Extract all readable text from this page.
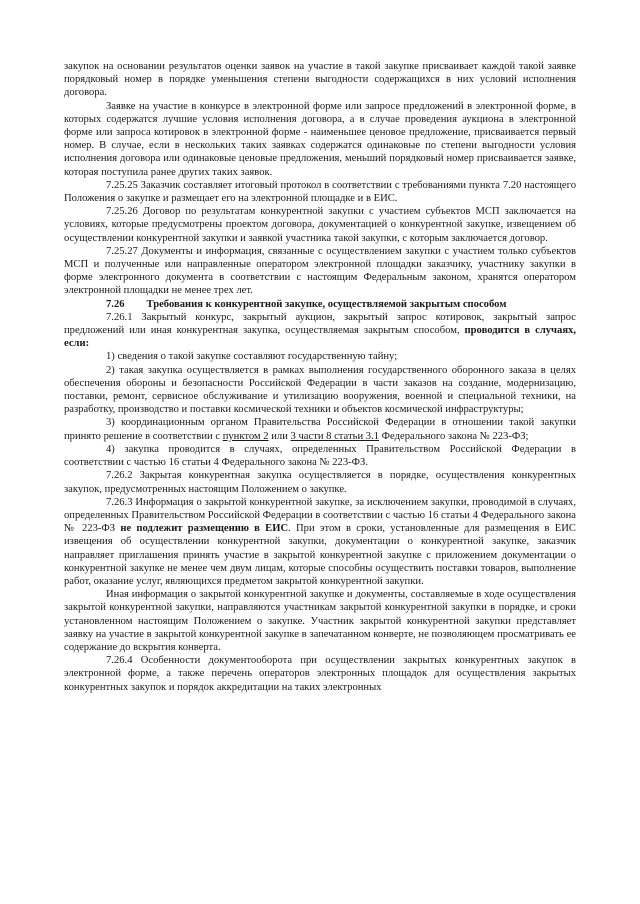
закупок на основании результатов оценки заявок на участие в такой закупке присваивает каждой такой заявке порядковый номер в порядке уменьшения степени выгодности содержащихся в них условий исполнения договора.

Заявке на участие в конкурсе в электронной форме или запросе предложений в электронной форме, в которых содержатся лучшие условия исполнения договора, а в случае проведения аукциона в электронной форме или запроса котировок в электронной форме - наименьшее ценовое предложение, присваивается первый номер. В случае, если в нескольких таких заявках содержатся одинаковые по степени выгодности условия исполнения договора или одинаковые ценовые предложения, меньший порядковый номер присваивается заявке, которая поступила ранее других таких заявок.

7.25.25 Заказчик составляет итоговый протокол в соответствии с требованиями пункта 7.20 настоящего Положения о закупке и размещает его на электронной площадке и в ЕИС.

7.25.26 Договор по результатам конкурентной закупки с участием субъектов МСП заключается на условиях, которые предусмотрены проектом договора, документацией о конкурентной закупке, извещением об осуществлении конкурентной закупки и заявкой участника такой закупки, с которым заключается договор.

7.25.27 Документы и информация, связанные с осуществлением закупки с участием только субъектов МСП и полученные или направленные оператором электронной площадки заказчику, участнику закупки в форме электронного документа в соответствии с настоящим Федеральным законом, хранятся оператором электронной площадки не менее трех лет.

7.26 Требования к конкурентной закупке, осуществляемой закрытым способом

7.26.1 Закрытый конкурс, закрытый аукцион, закрытый запрос котировок, закрытый запрос предложений или иная конкурентная закупка, осуществляемая закрытым способом, проводится в случаях, если:

1) сведения о такой закупке составляют государственную тайну;

2) такая закупка осуществляется в рамках выполнения государственного оборонного заказа в целях обеспечения обороны и безопасности Российской Федерации в части заказов на создание, модернизацию, поставки, ремонт, сервисное обслуживание и утилизацию вооружения, военной и специальной техники, на разработку, производство и поставки космической техники и объектов космической инфраструктуры;

3) координационным органом Правительства Российской Федерации в отношении такой закупки принято решение в соответствии с пунктом 2 или 3 части 8 статьи 3.1 Федерального закона № 223-ФЗ;

4) закупка проводится в случаях, определенных Правительством Российской Федерации в соответствии с частью 16 статьи 4 Федерального закона № 223-ФЗ.

7.26.2 Закрытая конкурентная закупка осуществляется в порядке, осуществления конкурентных закупок, предусмотренных настоящим Положением о закупке.

7.26.3 Информация о закрытой конкурентной закупке, за исключением закупки, проводимой в случаях, определенных Правительством Российской Федерации в соответствии с частью 16 статьи 4 Федерального закона № 223-ФЗ не подлежит размещению в ЕИС. При этом в сроки, установленные для размещения в ЕИС извещения об осуществлении конкурентной закупки, документации о конкурентной закупке, заказчик направляет приглашения принять участие в закрытой конкурентной закупке с приложением документации о конкурентной закупке не менее чем двум лицам, которые способны осуществить поставки товаров, выполнение работ, оказание услуг, являющихся предметом закрытой конкурентной закупки.

Иная информация о закрытой конкурентной закупке и документы, составляемые в ходе осуществления закрытой конкурентной закупки, направляются участникам закрытой конкурентной закупки в порядке, и сроки установленном настоящим Положением о закупке. Участник закрытой конкурентной закупки представляет заявку на участие в закрытой конкурентной закупке в запечатанном конверте, не позволяющем просматривать ее содержание до вскрытия конверта.

7.26.4 Особенности документооборота при осуществлении закрытых конкурентных закупок в электронной форме, а также перечень операторов электронных площадок для осуществления закрытых конкурентных закупок и порядок аккредитации на таких электронных
